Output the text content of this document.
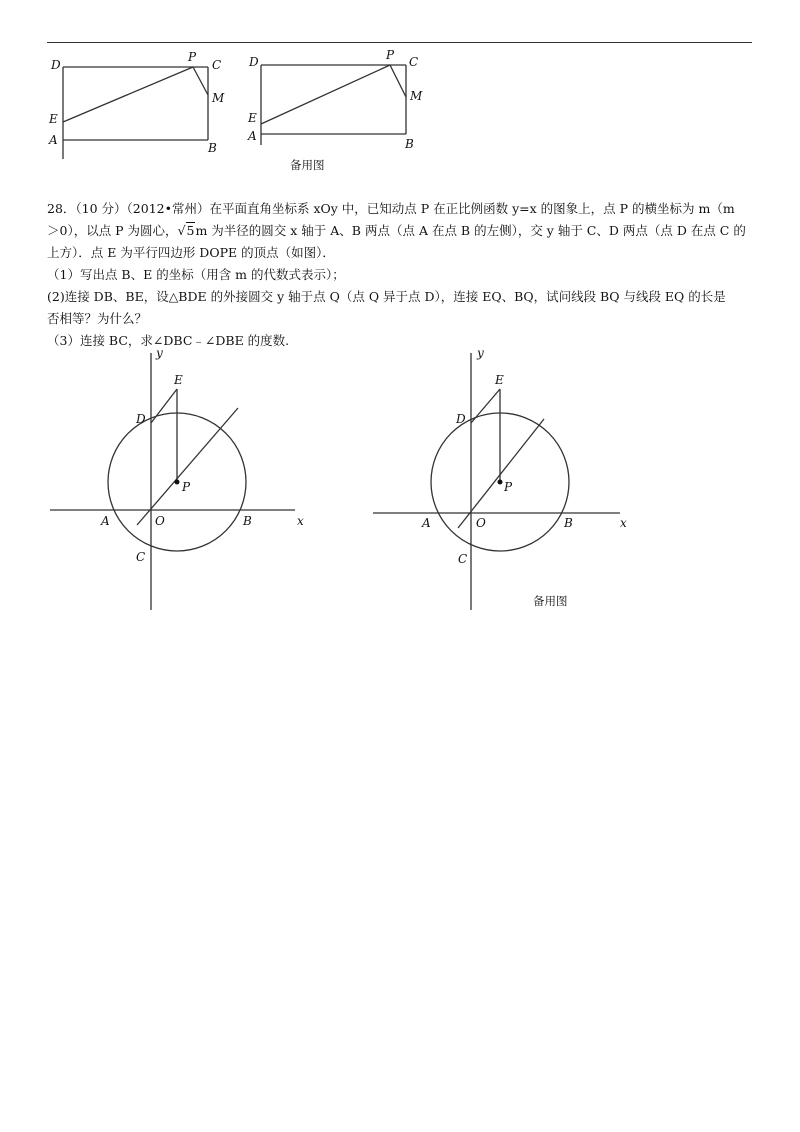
D	C
P
M
E
A
B
D	C
P
M
E
A
B
备用图

28．（10 分）（2012•常州）在平面直角坐标系 xOy 中，已知动点 P 在正比例函数 y=x 的图象上，点 P 的横坐标为 m（m

＞0），以点 P 为圆心，√5m 为半径的圆交 x 轴于 A、B 两点（点 A 在点 B 的左侧），交 y 轴于 C、D 两点（点 D 在点 C 的

上方）．点 E 为平行四边形 DOPE 的顶点（如图）．

（1）写出点 B、E 的坐标（用含 m 的代数式表示）；

(2)连接 DB、BE，设△BDE 的外接圆交 y 轴于点 Q（点 Q 异于点 D），连接 EQ、BQ，试问线段 BQ 与线段 EQ 的长是

否相等？为什么？

（3）连接 BC，求∠DBC﹣∠DBE 的度数.

y
x
E
D
P
A	O	B
C
y
x
E
D
P
A	O	B
C
备用图
